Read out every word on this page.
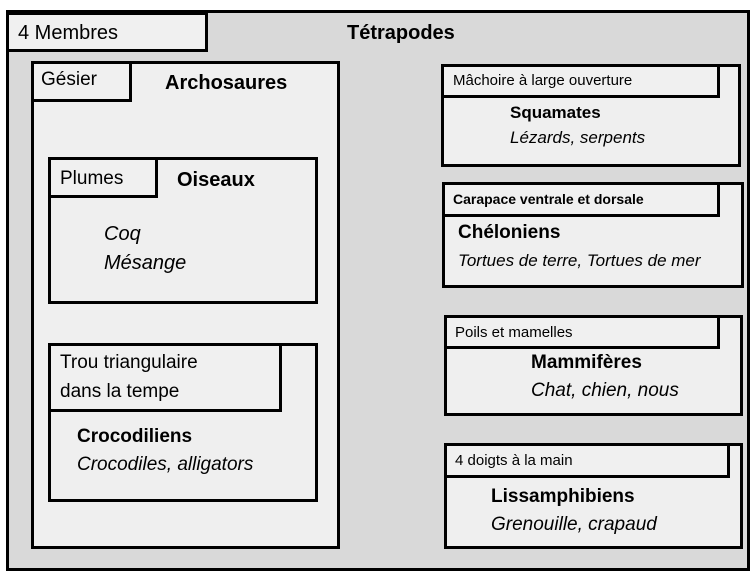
4 Membres	Tétrapodes
Gésier	Archosaures
Plumes	Oiseaux
Coq
Mésange
Trou triangulaire
dans la tempe
Crocodiliens
Crocodiles, alligators
Mâchoire à large ouverture
Squamates
Lézards, serpents
Carapace ventrale et dorsale
Chéloniens
Tortues de terre, Tortues de mer
Poils et mamelles
Mammifères
Chat, chien, nous
4 doigts à la main
Lissamphibiens
Grenouille, crapaud
